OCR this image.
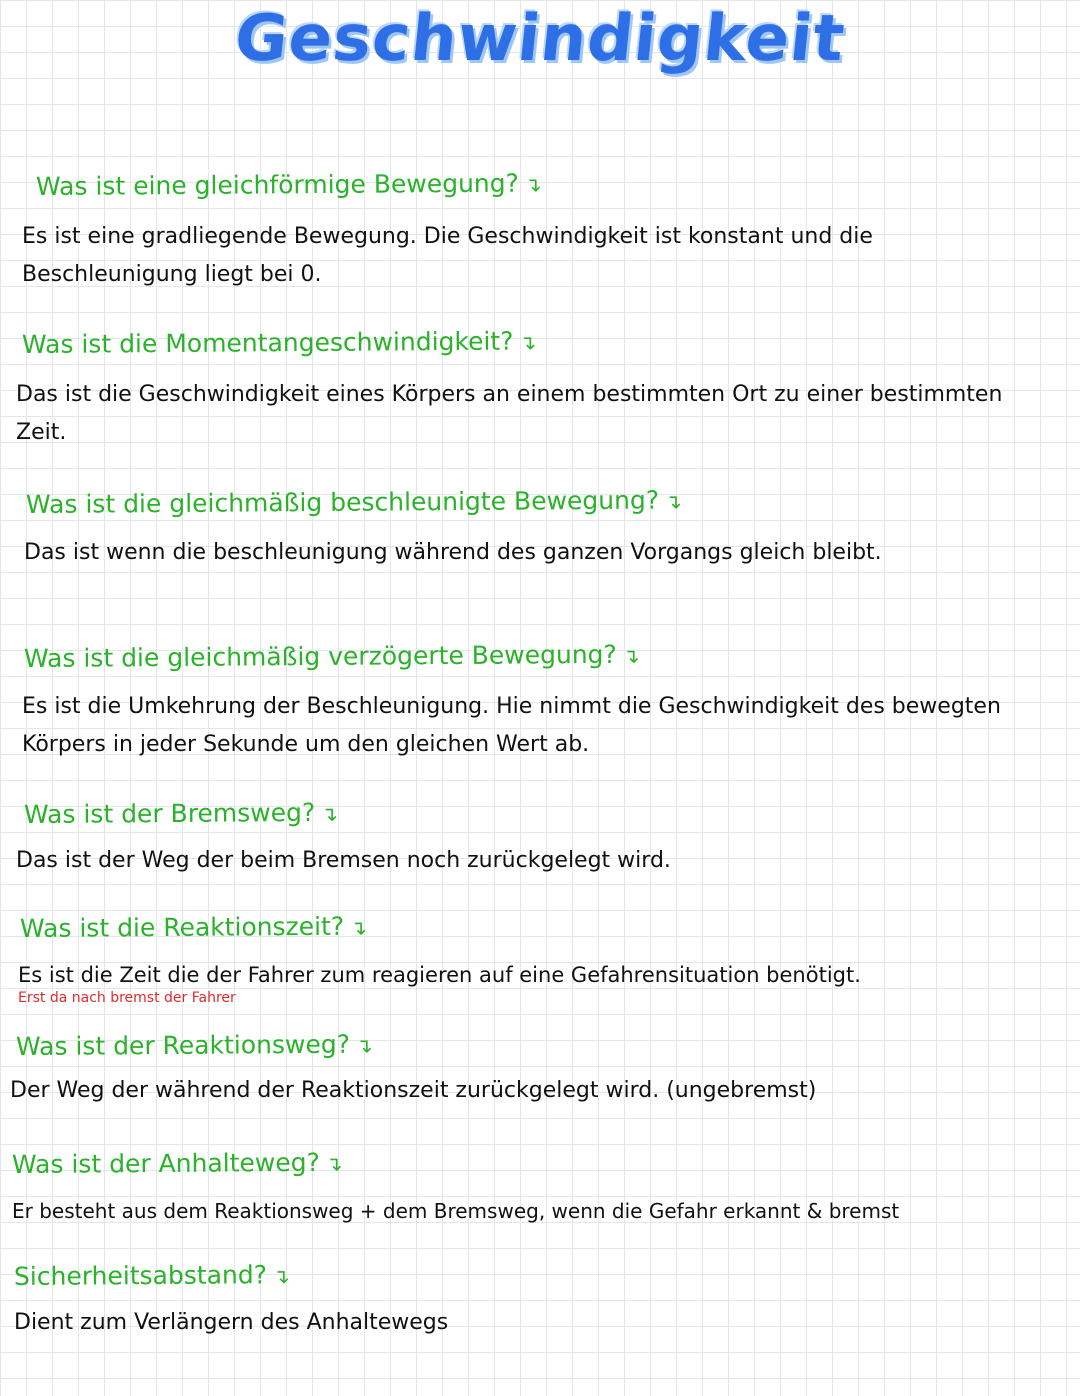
Geschwindigkeit
Was ist eine gleichförmige Bewegung? ↴
Es ist eine gradliegende Bewegung. Die Geschwindigkeit ist konstant und die Beschleunigung liegt bei 0.
Was ist die Momentangeschwindigkeit? ↴
Das ist die Geschwindigkeit eines Körpers an einem bestimmten Ort zu einer bestimmten Zeit.
Was ist die gleichmäßig beschleunigte Bewegung? ↴
Das ist wenn die beschleunigung während des ganzen Vorgangs gleich bleibt.
Was ist die gleichmäßig verzögerte Bewegung? ↴
Es ist die Umkehrung der Beschleunigung. Hie nimmt die Geschwindigkeit des bewegten Körpers in jeder Sekunde um den gleichen Wert ab.
Was ist der Bremsweg? ↴
Das ist der Weg der beim Bremsen noch zurückgelegt wird.
Was ist die Reaktionszeit? ↴
Es ist die Zeit die der Fahrer zum reagieren auf eine Gefahrensituation benötigt.
Erst da nach bremst der Fahrer
Was ist der Reaktionsweg? ↴
Der Weg der während der Reaktionszeit zurückgelegt wird. (ungebremst)
Was ist der Anhalteweg? ↴
Er besteht aus dem Reaktionsweg + dem Bremsweg, wenn die Gefahr erkannt & bremst
Sicherheitsabstand? ↴
Dient zum Verlängern des Anhaltewegs
